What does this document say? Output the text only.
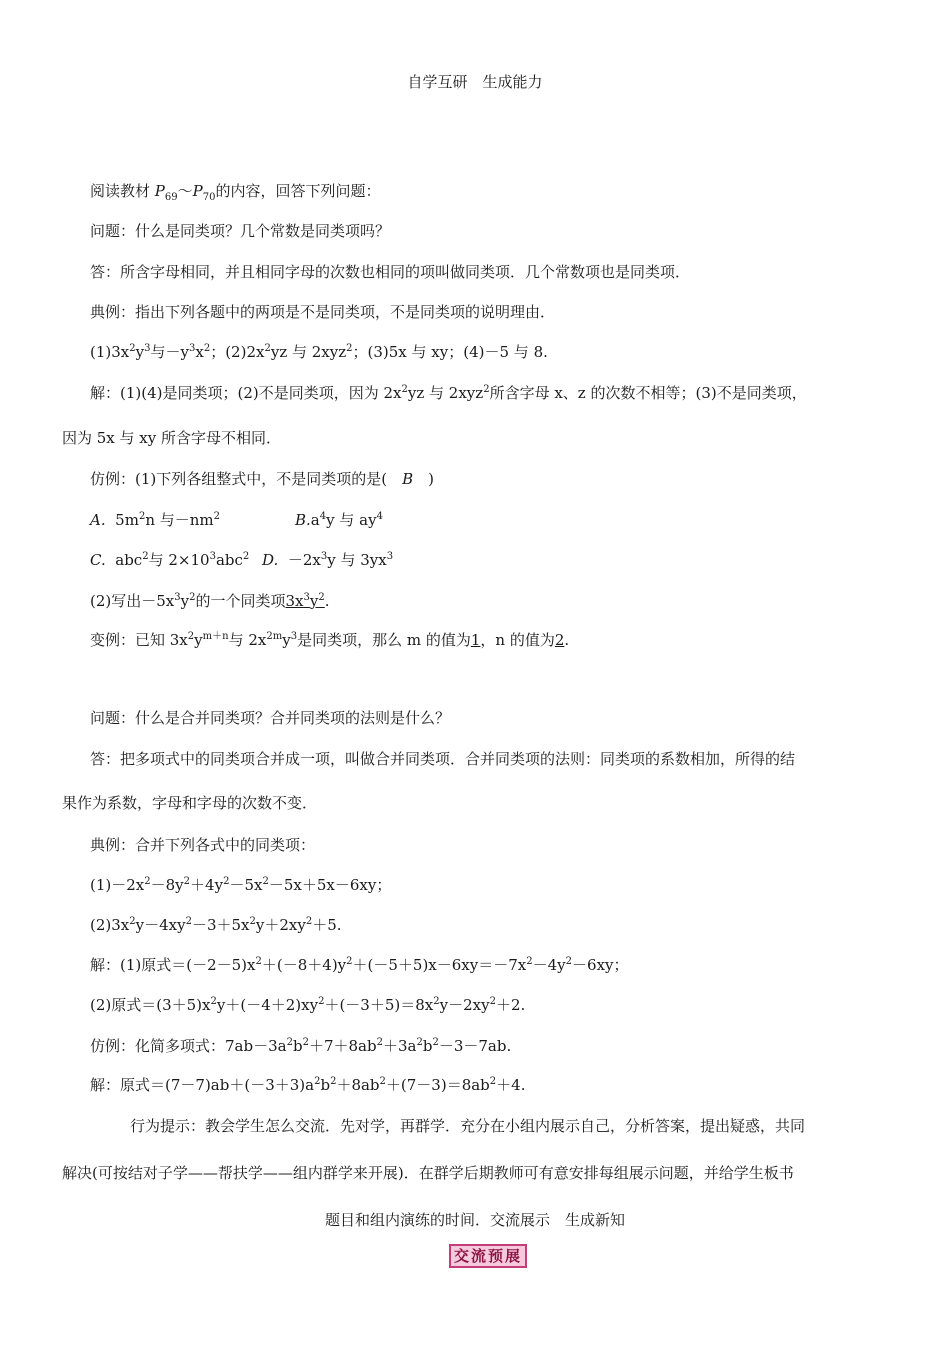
自学互研　生成能力
阅读教材 $P_{69}\sim P_{70}$的内容，回答下列问题：
问题：什么是同类项？几个常数是同类项吗？
答：所含字母相同，并且相同字母的次数也相同的项叫做同类项．几个常数项也是同类项．
典例：指出下列各题中的两项是不是同类项，不是同类项的说明理由．
$(1)3x^2y^3$与$-y^3x^2$；$(2)2x^2yz$ 与 2xyz$^2$；(3)5x 与 xy；(4)－5 与 8.
解：(1)(4)是同类项；(2)不是同类项，因为 $2x^2yz$ 与 2xyz$^2$所含字母 x、z 的次数不相等；(3)不是同类项，
因为 5x 与 xy 所含字母不相同．
仿例：(1)下列各组整式中，不是同类项的是(　B　)
A. $5m^2n$ 与$-nm^2$	$B.a^4y$ 与 $ay^4$
C. abc$^2$与 $2\times 10^3abc^2$ D. $-2x^3y$ 与 $3yx^3$
(2)写出$-5x^3y^2$的一个同类项$3x^3y^2$.
变例：已知 $3x^2y^{m+n}$与 $2x^{2m}y^3$是同类项，那么 m 的值为1，n 的值为2.
问题：什么是合并同类项？合并同类项的法则是什么？
答：把多项式中的同类项合并成一项，叫做合并同类项．合并同类项的法则：同类项的系数相加，所得的结
果作为系数，字母和字母的次数不变．
典例：合并下列各式中的同类项：
$(1)-2x^2-8y^2+4y^2-5x^2-5x+5x-6xy$；
$(2)3x^2y-4xy^2-3+5x^2y+2xy^2+5$.
解：(1)原式$=(-2-5)x^2+(-8+4)y^2+(-5+5)x-6xy=-7x^2-4y^2-6xy$；
(2)原式$=(3+5)x^2y+(-4+2)xy^2+(-3+5)=8x^2y-2xy^2+2$.
仿例：化简多项式：$7ab-3a^2b^2+7+8ab^2+3a^2b^2-3-7ab$.
解：原式$=(7-7)ab+(-3+3)a^2b^2+8ab^2+(7-3)=8ab^2+4$.
行为提示：教会学生怎么交流．先对学，再群学．充分在小组内展示自己，分析答案，提出疑惑，共同
解决(可按结对子学——帮扶学——组内群学来开展)．在群学后期教师可有意安排每组展示问题，并给学生板书
题目和组内演练的时间．交流展示　生成新知
交流预展
